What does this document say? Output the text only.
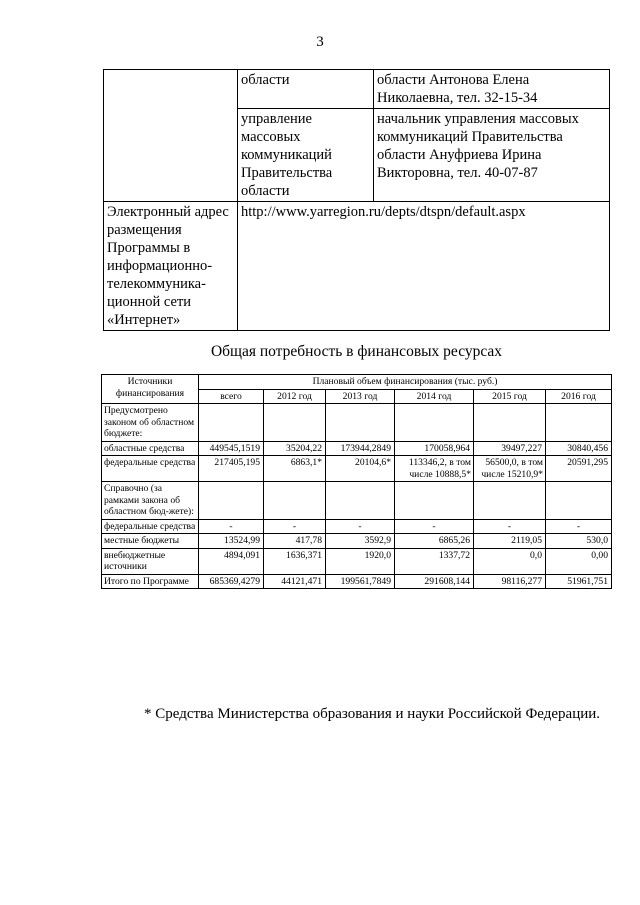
3
	области	области Антонова Елена Николаевна, тел. 32-15-34
	управление массовых коммуникаций Правительства области	начальник управления массовых коммуникаций Правительства области Ануфриева Ирина Викторовна, тел. 40-07-87
Электронный адрес размещения Программы в информационно-телекоммуника-ционной сети «Интернет»	http://www.yarregion.ru/depts/dtspn/default.aspx	
Общая потребность в финансовых ресурсах
Источники финансирования	Плановый объем финансирования (тыс. руб.)					
	всего	2012 год	2013 год	2014 год	2015 год	2016 год
Предусмотрено законом об областном бюджете:						
областные средства	449545,1519	35204,22	173944,2849	170058,964	39497,227	30840,456
федеральные средства	217405,195	6863,1*	20104,6*	113346,2, в том числе 10888,5*	56500,0, в том числе 15210,9*	20591,295
Справочно (за рамками закона об областном бюд-жете):						
федеральные средства	-	-	-	-	-	-
местные бюджеты	13524,99	417,78	3592,9	6865,26	2119,05	530,0
внебюджетные источники	4894,091	1636,371	1920,0	1337,72	0,0	0,00
Итого по Программе	685369,4279	44121,471	199561,7849	291608,144	98116,277	51961,751
* Средства Министерства образования и науки Российской Федерации.
